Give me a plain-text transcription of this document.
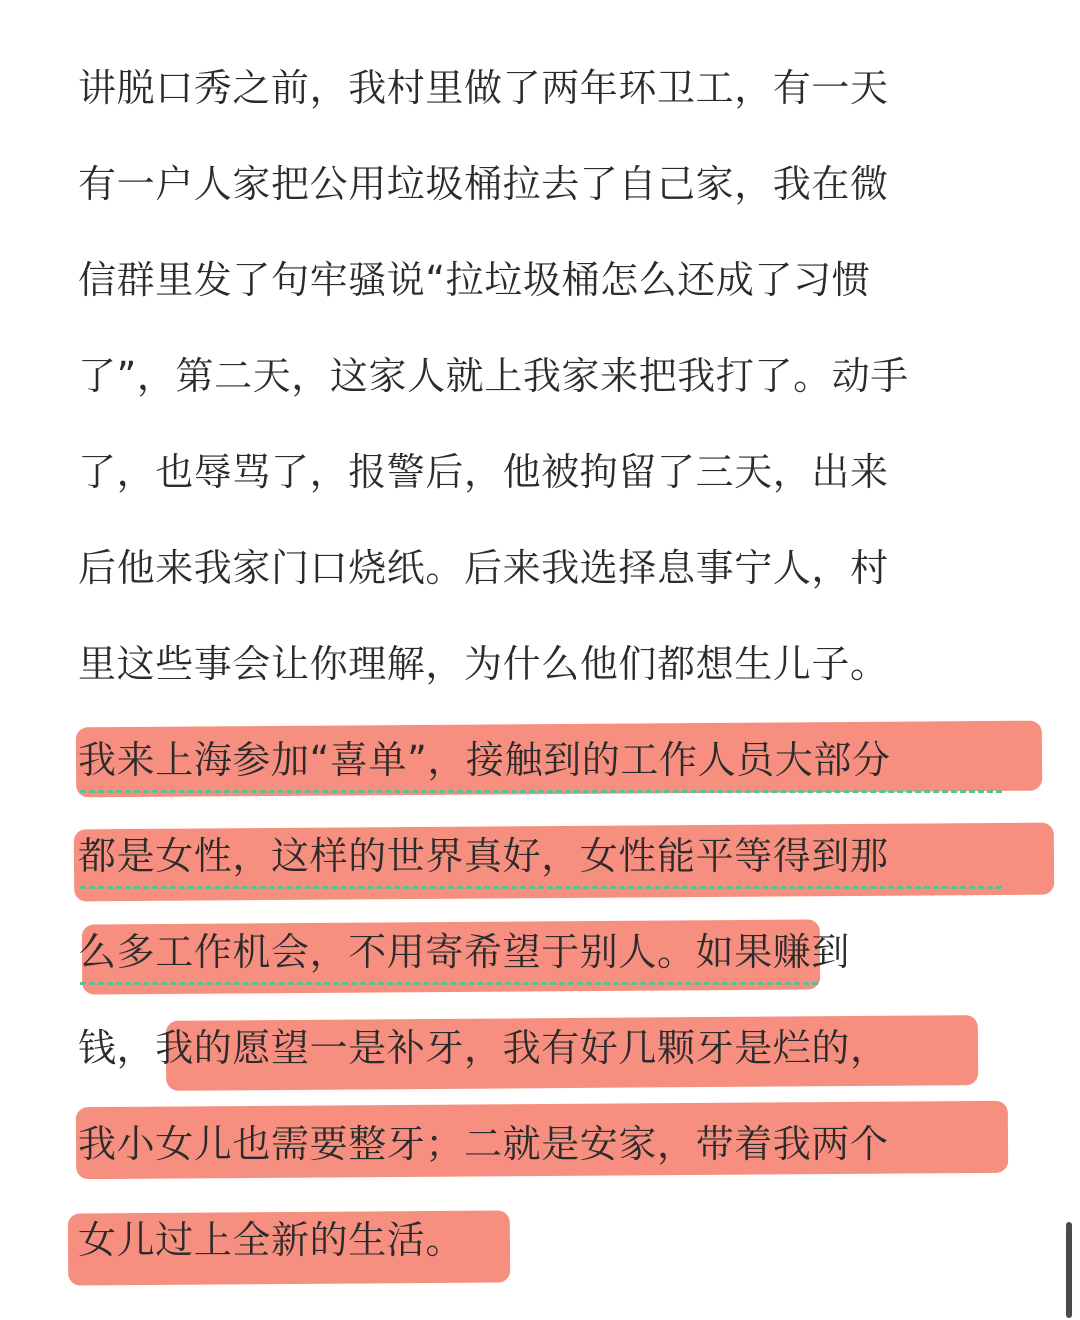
讲脱口秀之前，我村里做了两年环卫工，有一天
有一户人家把公用垃圾桶拉去了自己家，我在微
信群里发了句牢骚说“拉垃圾桶怎么还成了习惯
了”，第二天，这家人就上我家来把我打了。动手
了，也辱骂了，报警后，他被拘留了三天，出来
后他来我家门口烧纸。后来我选择息事宁人，村
里这些事会让你理解，为什么他们都想生儿子。
我来上海参加“喜单”，接触到的工作人员大部分
都是女性，这样的世界真好，女性能平等得到那
么多工作机会，不用寄希望于别人。如果赚到
钱，我的愿望一是补牙，我有好几颗牙是烂的，
我小女儿也需要整牙；二就是安家，带着我两个
女儿过上全新的生活。
